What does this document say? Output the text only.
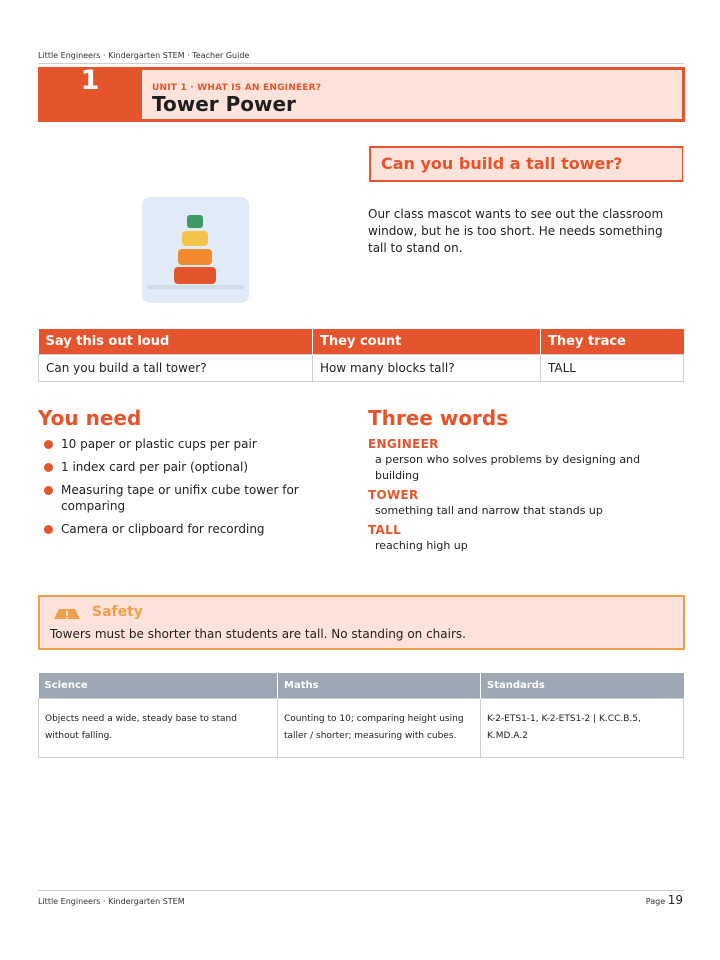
Little Engineers · Kindergarten STEM · Teacher Guide
1	UNIT 1 · WHAT IS AN ENGINEER?
Tower Power
Can you build a tall tower?
Our class mascot wants to see out the classroom window, but he is too short. He needs something tall to stand on.
Say this out loud	They count	They trace
Can you build a tall tower?	How many blocks tall?	TALL
You need
10 paper or plastic cups per pair
1 index card per pair (optional)
Measuring tape or unifix cube tower for comparing
Camera or clipboard for recording
Three words
ENGINEER
a person who solves problems by designing and building
TOWER
something tall and narrow that stands up
TALL
reaching high up
Safety
Towers must be shorter than students are tall. No standing on chairs.
Science	Maths	Standards
Objects need a wide, steady base to stand without falling.	Counting to 10; comparing height using taller / shorter; measuring with cubes.	K-2-ETS1-1, K-2-ETS1-2 | K.CC.B.5, K.MD.A.2
Little Engineers · Kindergarten STEM	Page 19
